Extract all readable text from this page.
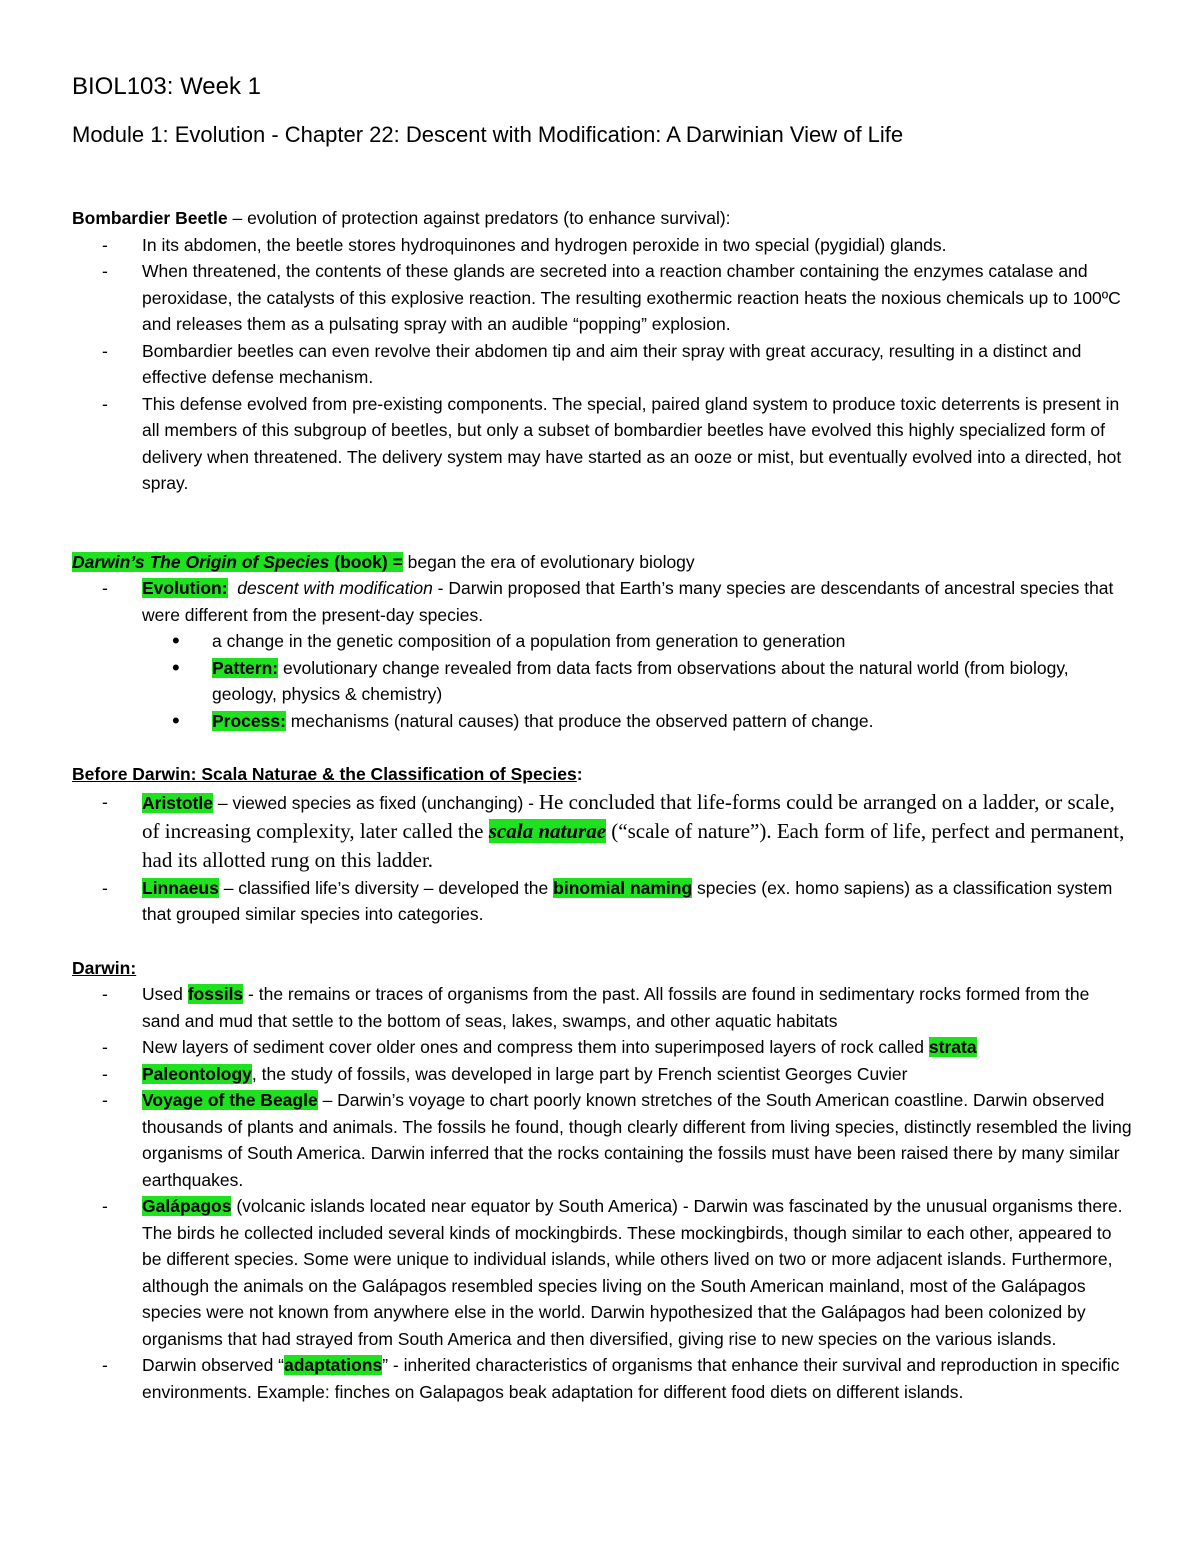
BIOL103: Week 1
Module 1: Evolution - Chapter 22: Descent with Modification: A Darwinian View of Life

Bombardier Beetle – evolution of protection against predators (to enhance survival):

- In its abdomen, the beetle stores hydroquinones and hydrogen peroxide in two special (pygidial) glands.
- When threatened, the contents of these glands are secreted into a reaction chamber containing the enzymes catalase and peroxidase, the catalysts of this explosive reaction. The resulting exothermic reaction heats the noxious chemicals up to 100ºC and releases them as a pulsating spray with an audible “popping” explosion.
- Bombardier beetles can even revolve their abdomen tip and aim their spray with great accuracy, resulting in a distinct and effective defense mechanism.
- This defense evolved from pre-existing components. The special, paired gland system to produce toxic deterrents is present in all members of this subgroup of beetles, but only a subset of bombardier beetles have evolved this highly specialized form of delivery when threatened. The delivery system may have started as an ooze or mist, but eventually evolved into a directed, hot spray.

Darwin’s The Origin of Species (book) = began the era of evolutionary biology

- Evolution: descent with modification - Darwin proposed that Earth’s many species are descendants of ancestral species that were different from the present-day species.
• a change in the genetic composition of a population from generation to generation
• Pattern: evolutionary change revealed from data facts from observations about the natural world (from biology, geology, physics & chemistry)
• Process: mechanisms (natural causes) that produce the observed pattern of change.

Before Darwin: Scala Naturae & the Classification of Species:

- Aristotle – viewed species as fixed (unchanging) - He concluded that life-forms could be arranged on a ladder, or scale, of increasing complexity, later called the scala naturae (“scale of nature”). Each form of life, perfect and permanent, had its allotted rung on this ladder.
- Linnaeus – classified life’s diversity – developed the binomial naming species (ex. homo sapiens) as a classification system that grouped similar species into categories.

Darwin:

- Used fossils - the remains or traces of organisms from the past. All fossils are found in sedimentary rocks formed from the sand and mud that settle to the bottom of seas, lakes, swamps, and other aquatic habitats
- New layers of sediment cover older ones and compress them into superimposed layers of rock called strata
- Paleontology, the study of fossils, was developed in large part by French scientist Georges Cuvier
- Voyage of the Beagle – Darwin’s voyage to chart poorly known stretches of the South American coastline. Darwin observed thousands of plants and animals. The fossils he found, though clearly different from living species, distinctly resembled the living organisms of South America. Darwin inferred that the rocks containing the fossils must have been raised there by many similar earthquakes.
- Galápagos (volcanic islands located near equator by South America) - Darwin was fascinated by the unusual organisms there. The birds he collected included several kinds of mockingbirds. These mockingbirds, though similar to each other, appeared to be different species. Some were unique to individual islands, while others lived on two or more adjacent islands. Furthermore, although the animals on the Galápagos resembled species living on the South American mainland, most of the Galápagos species were not known from anywhere else in the world. Darwin hypothesized that the Galápagos had been colonized by organisms that had strayed from South America and then diversified, giving rise to new species on the various islands.
- Darwin observed “adaptations” - inherited characteristics of organisms that enhance their survival and reproduction in specific environments. Example: finches on Galapagos beak adaptation for different food diets on different islands.
